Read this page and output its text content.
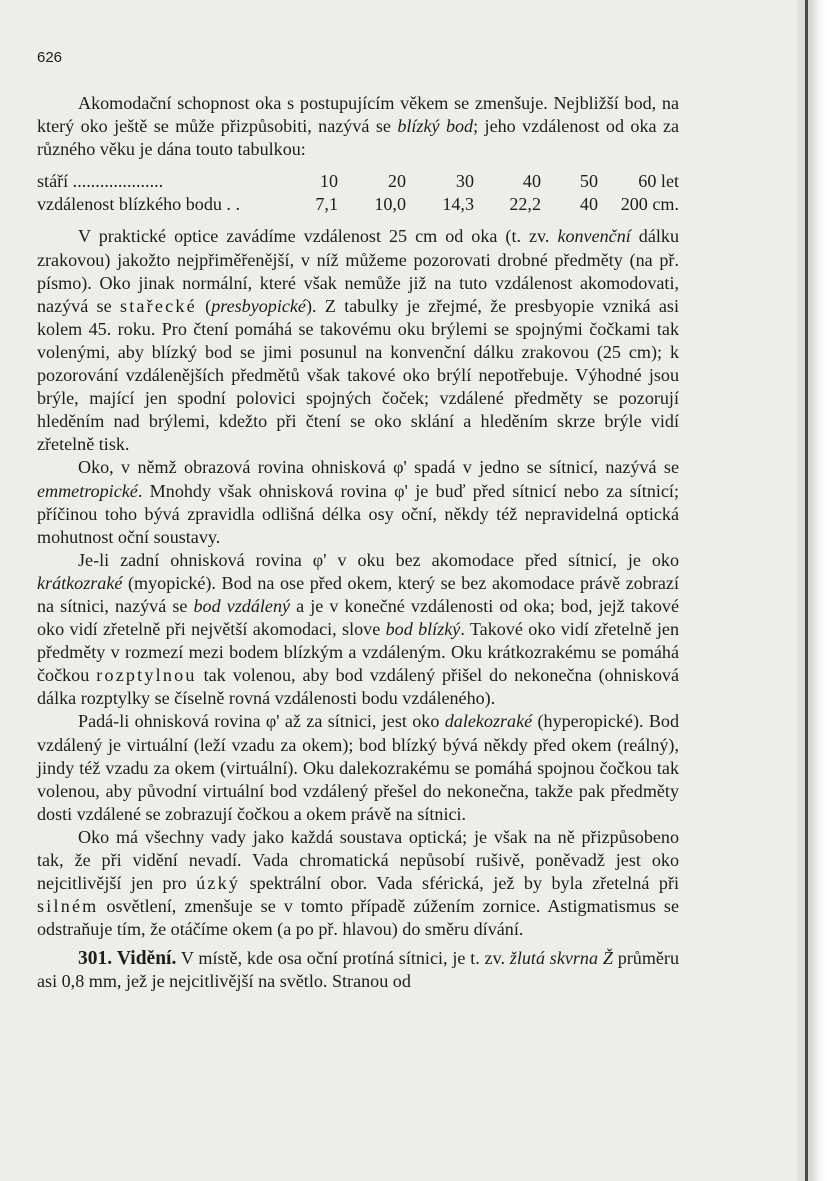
626

Akomodační schopnost oka s postupujícím věkem se zmenšuje. Nejbližší bod, na který oko ještě se může přizpůsobiti, nazývá se blízký bod; jeho vzdálenost od oka za různého věku je dána touto tabulkou:

stáří ....................	10	20	30	40	50	60 let
vzdálenost blízkého bodu . .	7,1	10,0	14,3	22,2	40	200 cm.

V praktické optice zavádíme vzdálenost 25 cm od oka (t. zv. konvenční dálku zrakovou) jakožto nejpřiměřenější, v níž můžeme pozorovati drobné předměty (na př. písmo). Oko jinak normální, které však nemůže již na tuto vzdálenost akomodovati, nazývá se stařecké (presbyopické). Z tabulky je zřejmé, že presbyopie vzniká asi kolem 45. roku. Pro čtení pomáhá se takovému oku brýlemi se spojnými čočkami tak volenými, aby blízký bod se jimi posunul na konvenční dálku zrakovou (25 cm); k pozorování vzdálenějších předmětů však takové oko brýlí nepotřebuje. Výhodné jsou brýle, mající jen spodní polovici spojných čoček; vzdálené předměty se pozorují hleděním nad brýlemi, kdežto při čtení se oko sklání a hleděním skrze brýle vidí zřetelně tisk.

Oko, v němž obrazová rovina ohnisková φ' spadá v jedno se sítnicí, nazývá se emmetropické. Mnohdy však ohnisková rovina φ' je buď před sítnicí nebo za sítnicí; příčinou toho bývá zpravidla odlišná délka osy oční, někdy též nepravidelná optická mohutnost oční soustavy.

Je-li zadní ohnisková rovina φ' v oku bez akomodace před sítnicí, je oko krátkozraké (myopické). Bod na ose před okem, který se bez akomodace právě zobrazí na sítnici, nazývá se bod vzdálený a je v konečné vzdálenosti od oka; bod, jejž takové oko vidí zřetelně při největší akomodaci, slove bod blízký. Takové oko vidí zřetelně jen předměty v rozmezí mezi bodem blízkým a vzdáleným. Oku krátkozrakému se pomáhá čočkou rozptylnou tak volenou, aby bod vzdálený přišel do nekonečna (ohnisková dálka rozptylky se číselně rovná vzdálenosti bodu vzdáleného).

Padá-li ohnisková rovina φ' až za sítnici, jest oko dalekozraké (hyperopické). Bod vzdálený je virtuální (leží vzadu za okem); bod blízký bývá někdy před okem (reálný), jindy též vzadu za okem (virtuální). Oku dalekozrakému se pomáhá spojnou čočkou tak volenou, aby původní virtuální bod vzdálený přešel do nekonečna, takže pak předměty dosti vzdálené se zobrazují čočkou a okem právě na sítnici.

Oko má všechny vady jako každá soustava optická; je však na ně přizpůsobeno tak, že při vidění nevadí. Vada chromatická nepůsobí rušivě, poněvadž jest oko nejcitlivější jen pro úzký spektrální obor. Vada sférická, jež by byla zřetelná při silném osvětlení, zmenšuje se v tomto případě zúžením zornice. Astigmatismus se odstraňuje tím, že otáčíme okem (a po př. hlavou) do směru dívání.

301. Vidění. V místě, kde osa oční protíná sítnici, je t. zv. žlutá skvrna Ž průměru asi 0,8 mm, jež je nejcitlivější na světlo. Stranou od
